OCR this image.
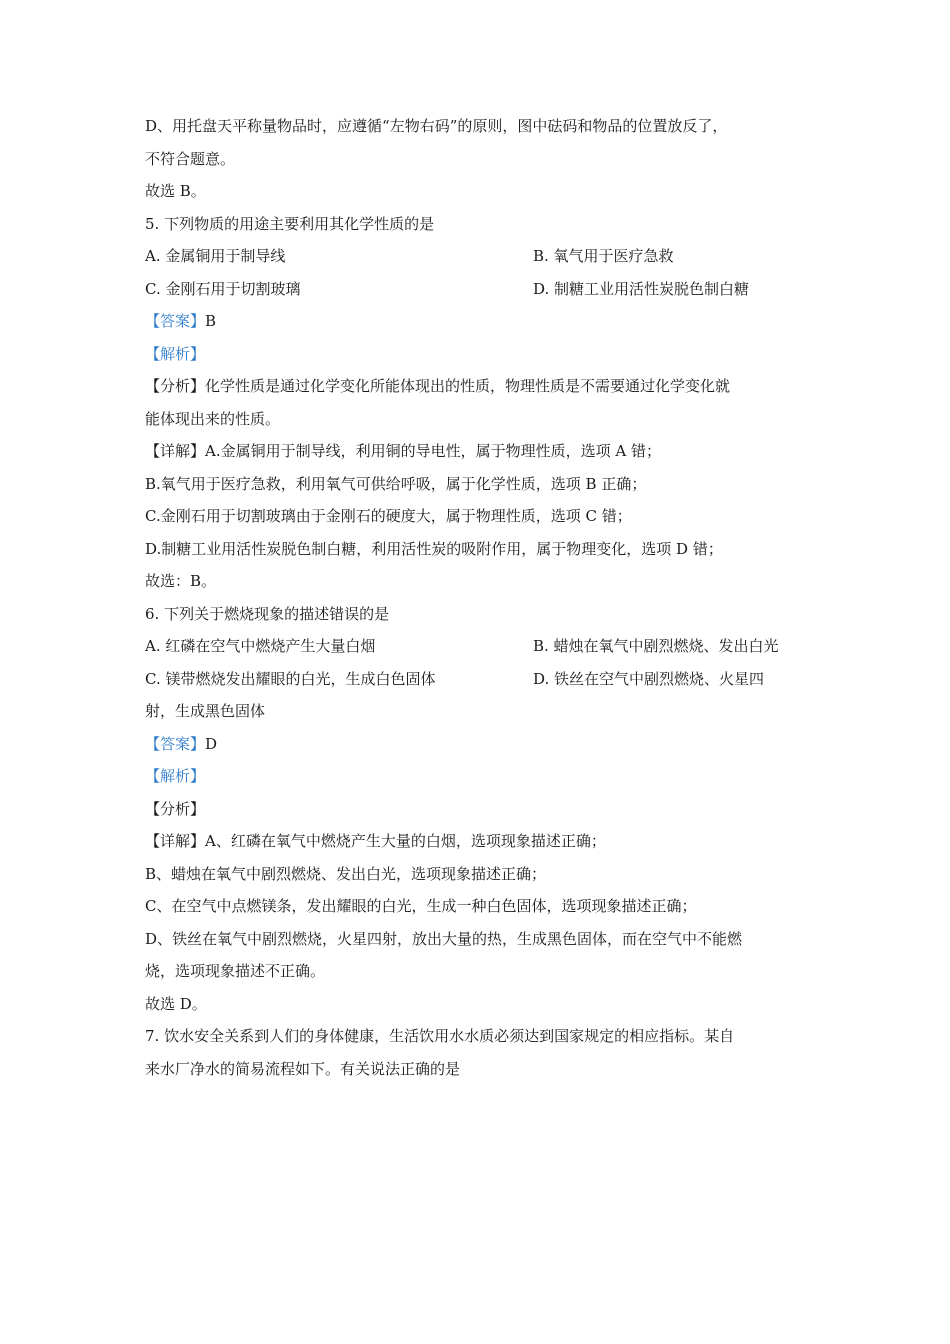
D、用托盘天平称量物品时，应遵循“左物右码”的原则，图中砝码和物品的位置放反了，
不符合题意。
故选 B。
5. 下列物质的用途主要利用其化学性质的是
A. 金属铜用于制导线	B. 氧气用于医疗急救
C. 金刚石用于切割玻璃	D. 制糖工业用活性炭脱色制白糖
【答案】B
【解析】
【分析】化学性质是通过化学变化所能体现出的性质，物理性质是不需要通过化学变化就
能体现出来的性质。
【详解】A.金属铜用于制导线，利用铜的导电性，属于物理性质，选项 A 错；
B.氧气用于医疗急救，利用氧气可供给呼吸，属于化学性质，选项 B 正确；
C.金刚石用于切割玻璃由于金刚石的硬度大，属于物理性质，选项 C 错；
D.制糖工业用活性炭脱色制白糖，利用活性炭的吸附作用，属于物理变化，选项 D 错；
故选：B。
6. 下列关于燃烧现象的描述错误的是
A. 红磷在空气中燃烧产生大量白烟	B. 蜡烛在氧气中剧烈燃烧、发出白光
C. 镁带燃烧发出耀眼的白光，生成白色固体	D. 铁丝在空气中剧烈燃烧、火星四
射，生成黑色固体
【答案】D
【解析】
【分析】
【详解】A、红磷在氧气中燃烧产生大量的白烟，选项现象描述正确；
B、蜡烛在氧气中剧烈燃烧、发出白光，选项现象描述正确；
C、在空气中点燃镁条，发出耀眼的白光，生成一种白色固体，选项现象描述正确；
D、铁丝在氧气中剧烈燃烧，火星四射，放出大量的热，生成黑色固体，而在空气中不能燃
烧，选项现象描述不正确。
故选 D。
7. 饮水安全关系到人们的身体健康，生活饮用水水质必须达到国家规定的相应指标。某自
来水厂净水的简易流程如下。有关说法正确的是
